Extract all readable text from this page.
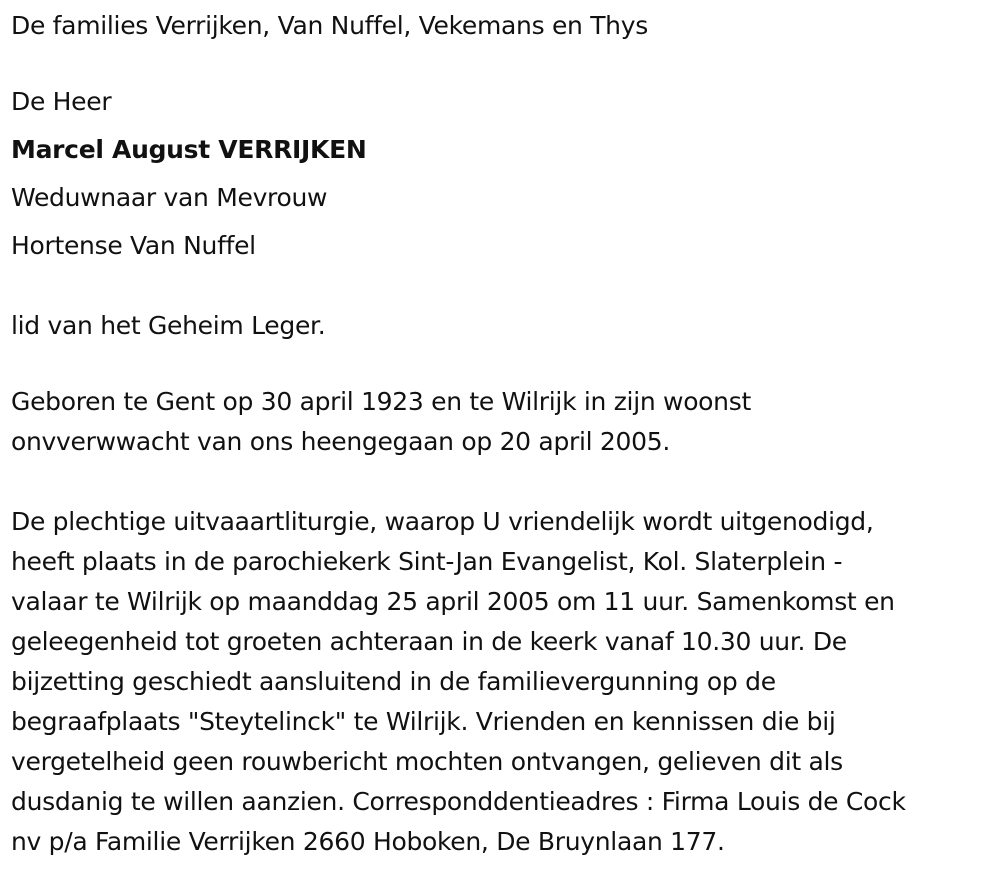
De families Verrijken, Van Nuffel, Vekemans en Thys
De Heer
Marcel August VERRIJKEN
Weduwnaar van Mevrouw
Hortense Van Nuffel
lid van het Geheim Leger.
Geboren te Gent op 30 april 1923 en te Wilrijk in zijn woonst
onvverwwacht van ons heengegaan op 20 april 2005.
De plechtige uitvaaartliturgie, waarop U vriendelijk wordt uitgenodigd,
heeft plaats in de parochiekerk Sint-Jan Evangelist, Kol. Slaterplein -
valaar te Wilrijk op maanddag 25 april 2005 om 11 uur. Samenkomst en
geleegenheid tot groeten achteraan in de keerk vanaf 10.30 uur. De
bijzetting geschiedt aansluitend in de familievergunning op de
begraafplaats "Steytelinck" te Wilrijk. Vrienden en kennissen die bij
vergetelheid geen rouwbericht mochten ontvangen, gelieven dit als
dusdanig te willen aanzien. Corresponddentieadres : Firma Louis de Cock
nv p/a Familie Verrijken 2660 Hoboken, De Bruynlaan 177.
